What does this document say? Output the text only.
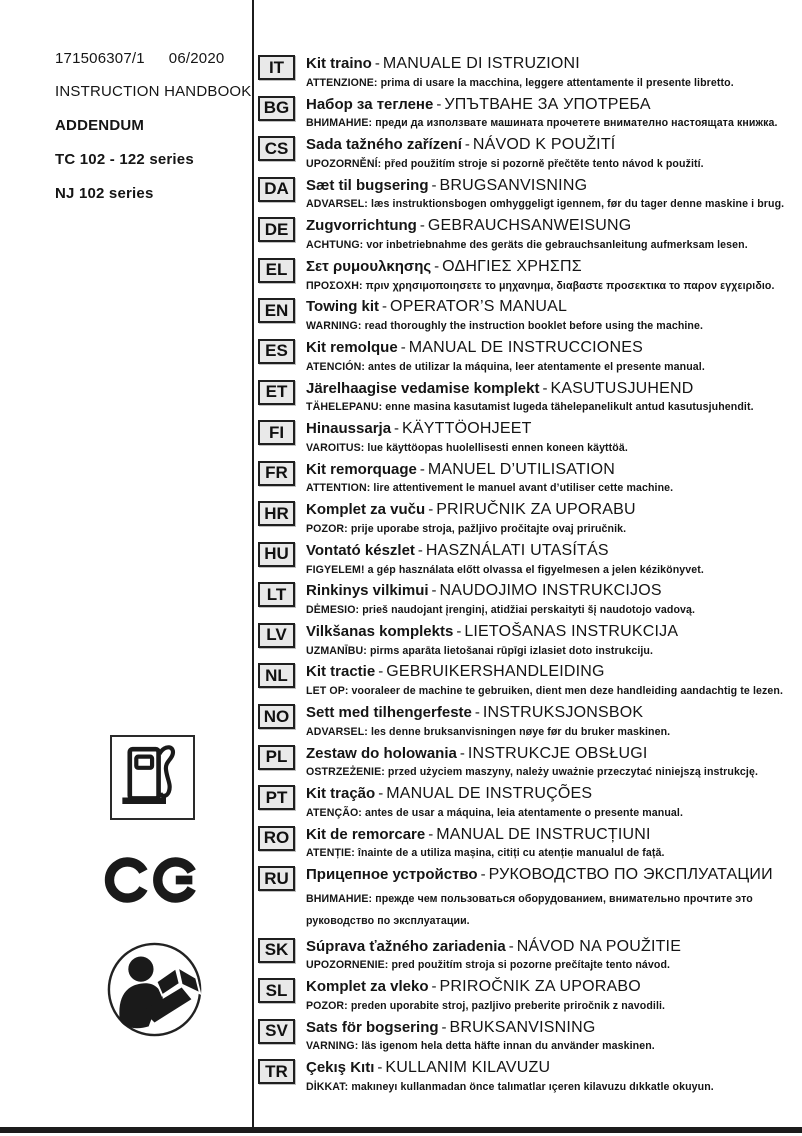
171506307/1 06/2020
INSTRUCTION HANDBOOK
ADDENDUM
TC 102 - 122 series
NJ 102 series
IT	Kit traino - MANUALE DI ISTRUZIONI
ATTENZIONE: prima di usare la macchina, leggere attentamente il presente libretto.
BG	Набор за теглене - УПЪТВАНЕ ЗА УПОТРЕБА
ВНИМАНИЕ: преди да използвате машината прочетете внимателно настоящата книжка.
CS	Sada tažného zařízení - NÁVOD K POUŽITÍ
UPOZORNĚNÍ: před použitím stroje si pozorně přečtěte tento návod k použití.
DA	Sæt til bugsering - BRUGSANVISNING
ADVARSEL: læs instruktionsbogen omhyggeligt igennem, før du tager denne maskine i brug.
DE	Zugvorrichtung - GEBRAUCHSANWEISUNG
ACHTUNG: vor inbetriebnahme des geräts die gebrauchsanleitung aufmerksam lesen.
EL	Σετ ρυμουλκησης - ΟΔΗΓΙΕΣ ΧΡΗΣΠΣ
ΠΡΟΣΟΧΗ: πριν χρησιμοποιησετε το μηχανημα, διαβαστε προσεκτικα το παρον εγχειριδιο.
EN	Towing kit - OPERATOR’S MANUAL
WARNING: read thoroughly the instruction booklet before using the machine.
ES	Kit remolque - MANUAL DE INSTRUCCIONES
ATENCIÓN: antes de utilizar la máquina, leer atentamente el presente manual.
ET	Järelhaagise vedamise komplekt - KASUTUSJUHEND
TÄHELEPANU: enne masina kasutamist lugeda tähelepanelikult antud kasutusjuhendit.
FI	Hinaussarja - KÄYTTÖOHJEET
VAROITUS: lue käyttöopas huolellisesti ennen koneen käyttöä.
FR	Kit remorquage - MANUEL D’UTILISATION
ATTENTION: lire attentivement le manuel avant d’utiliser cette machine.
HR	Komplet za vuču - PRIRUČNIK ZA UPORABU
POZOR: prije uporabe stroja, pažljivo pročitajte ovaj priručnik.
HU	Vontató készlet - HASZNÁLATI UTASÍTÁS
FIGYELEM! a gép használata előtt olvassa el figyelmesen a jelen kézikönyvet.
LT	Rinkinys vilkimui - NAUDOJIMO INSTRUKCIJOS
DĖMESIO: prieš naudojant įrenginį, atidžiai perskaityti šį naudotojo vadovą.
LV	Vilkšanas komplekts - LIETOŠANAS INSTRUKCIJA
UZMANĪBU: pirms aparāta lietošanai rūpīgi izlasiet doto instrukciju.
NL	Kit tractie - GEBRUIKERSHANDLEIDING
LET OP: vooraleer de machine te gebruiken, dient men deze handleiding aandachtig te lezen.
NO	Sett med tilhengerfeste - INSTRUKSJONSBOK
ADVARSEL: les denne bruksanvisningen nøye før du bruker maskinen.
PL	Zestaw do holowania - INSTRUKCJE OBSŁUGI
OSTRZEŻENIE: przed użyciem maszyny, należy uważnie przeczytać niniejszą instrukcję.
PT	Kit tração - MANUAL DE INSTRUÇÕES
ATENÇÃO: antes de usar a máquina, leia atentamente o presente manual.
RO	Kit de remorcare - MANUAL DE INSTRUCȚIUNI
ATENȚIE: înainte de a utiliza mașina, citiți cu atenție manualul de față.
RU	Прицепное устройство - РУКОВОДСТВО ПО ЭКСПЛУАТАЦИИ
ВНИМАНИЕ: прежде чем пользоваться оборудованием, внимательно прочтите это руководство по эксплуатации.
SK	Súprava ťažného zariadenia - NÁVOD NA POUŽITIE
UPOZORNENIE: pred použitím stroja si pozorne prečítajte tento návod.
SL	Komplet za vleko - PRIROČNIK ZA UPORABO
POZOR: preden uporabite stroj, pazljivo preberite priročnik z navodili.
SV	Sats för bogsering - BRUKSANVISNING
VARNING: läs igenom hela detta häfte innan du använder maskinen.
TR	Çekış Kıtı - KULLANIM KILAVUZU
DİKKAT: makıneyı kullanmadan önce talımatlar ıçeren kilavuzu dıkkatle okuyun.
